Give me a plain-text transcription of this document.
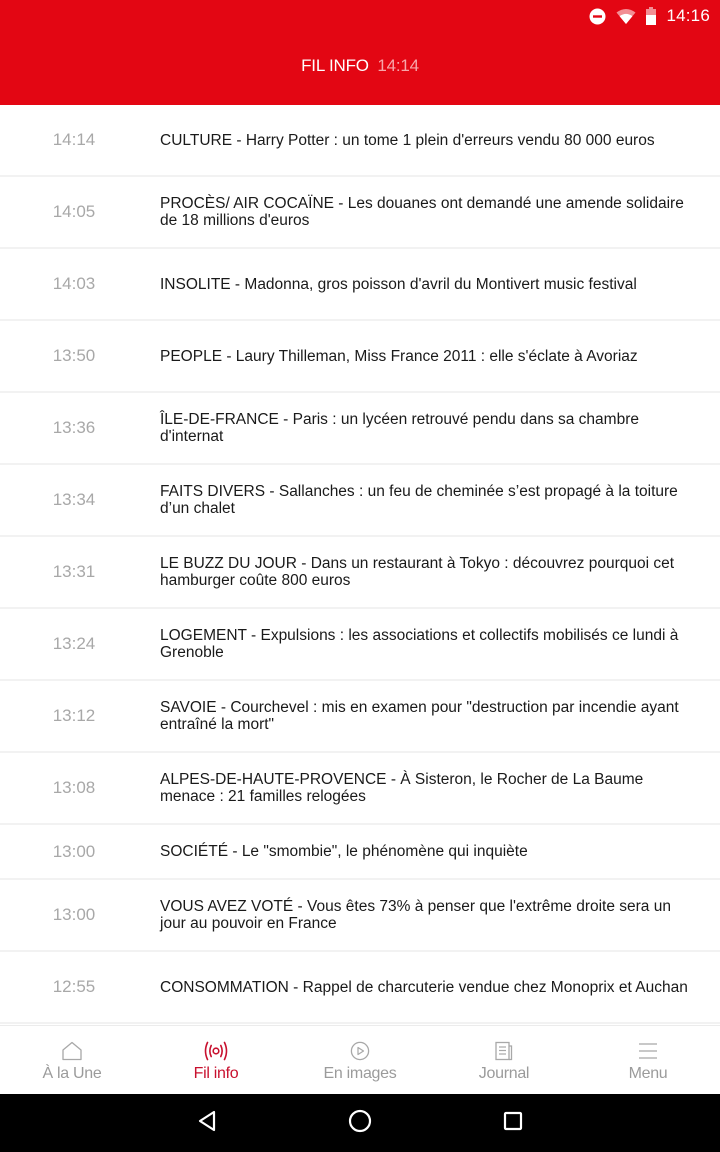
14:16
FIL INFO 14:14
14:14	CULTURE - Harry Potter : un tome 1 plein d'erreurs vendu 80 000 euros
14:05	PROCÈS/ AIR COCAÏNE - Les douanes ont demandé une amende solidaire de 18 millions d'euros
14:03	INSOLITE - Madonna, gros poisson d'avril du Montivert music festival
13:50	PEOPLE - Laury Thilleman, Miss France 2011 : elle s'éclate à Avoriaz
13:36	ÎLE-DE-FRANCE - Paris : un lycéen retrouvé pendu dans sa chambre d'internat
13:34	FAITS DIVERS - Sallanches : un feu de cheminée s’est propagé à la toiture d’un chalet
13:31	LE BUZZ DU JOUR - Dans un restaurant à Tokyo : découvrez pourquoi cet hamburger coûte 800 euros
13:24	LOGEMENT - Expulsions : les associations et collectifs mobilisés ce lundi à Grenoble
13:12	SAVOIE - Courchevel : mis en examen pour "destruction par incendie ayant entraîné la mort"
13:08	ALPES-DE-HAUTE-PROVENCE - À Sisteron, le Rocher de La Baume menace : 21 familles relogées
13:00	SOCIÉTÉ - Le "smombie", le phénomène qui inquiète
13:00	VOUS AVEZ VOTÉ - Vous êtes 73% à penser que l'extrême droite sera un jour au pouvoir en France
12:55	CONSOMMATION - Rappel de charcuterie vendue chez Monoprix et Auchan
À la Une	Fil info	En images	Journal	Menu
